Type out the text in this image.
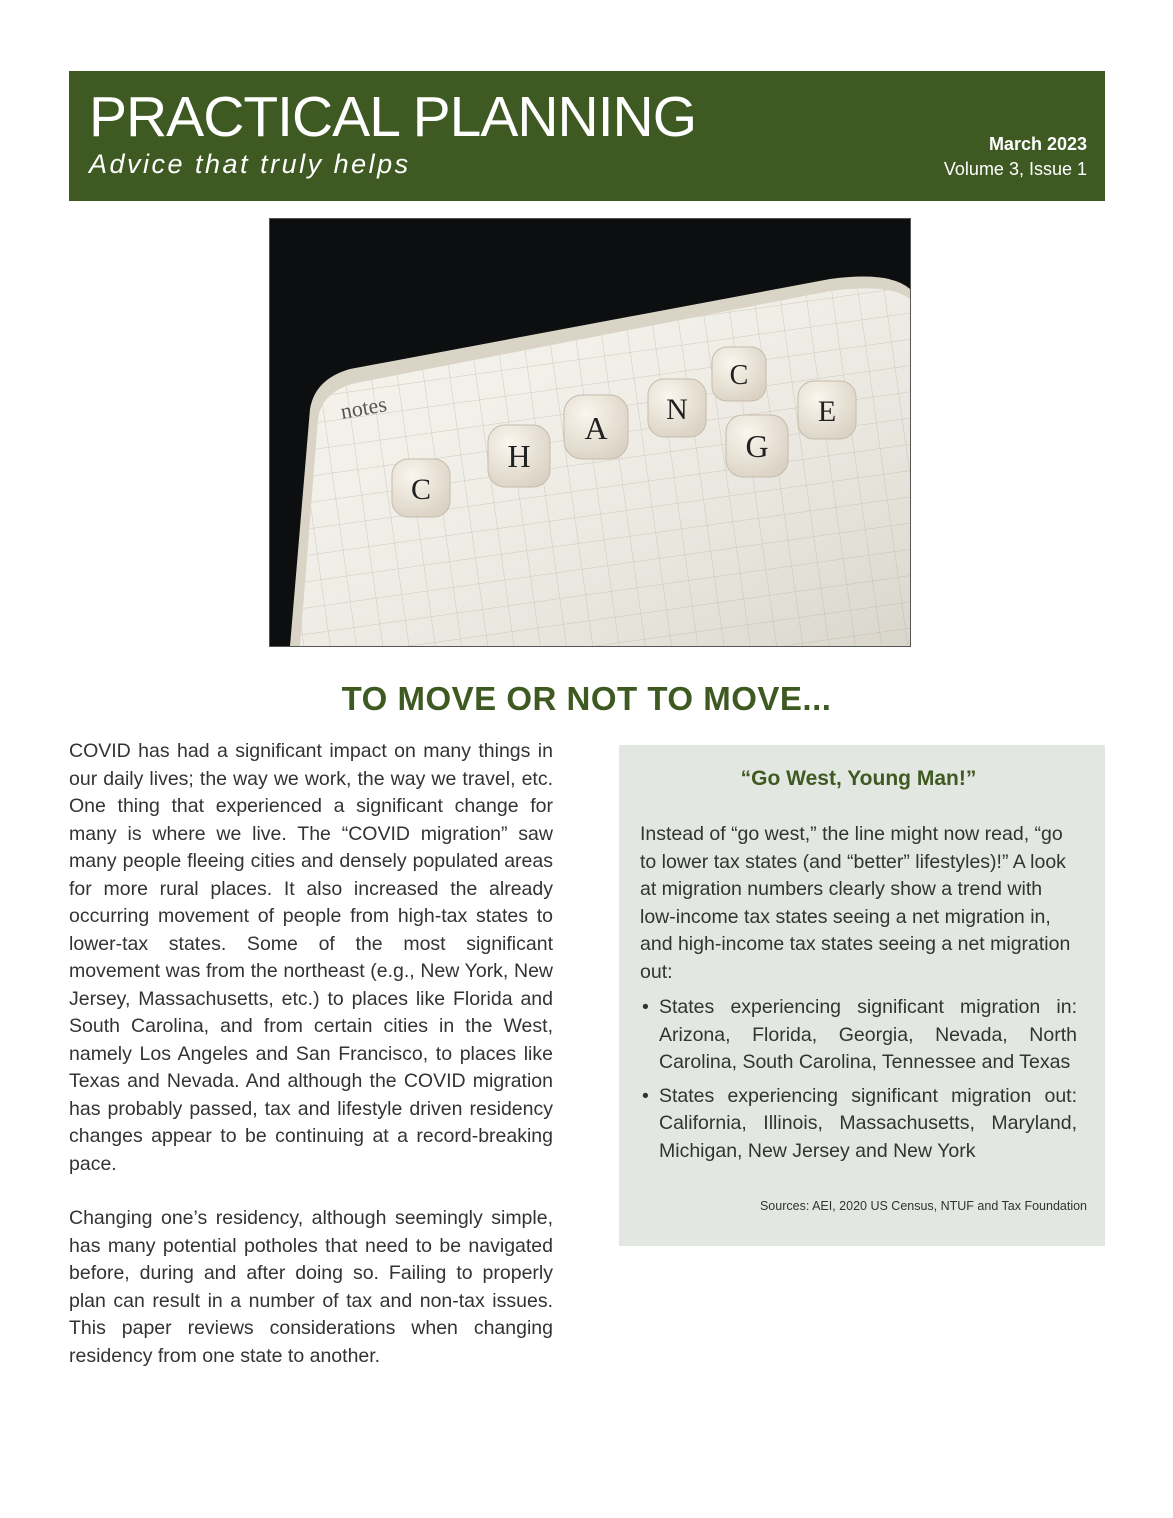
PRACTICAL PLANNING
Advice that truly helps
March 2023
Volume 3, Issue 1
notes
C
H
A
N
C
G
E
TO MOVE OR NOT TO MOVE...

COVID has had a significant impact on many things in our daily lives; the way we work, the way we travel, etc. One thing that experienced a significant change for many is where we live. The “COVID migration” saw many people fleeing cities and densely populated areas for more rural places. It also increased the already occurring movement of people from high-tax states to lower-tax states. Some of the most significant movement was from the northeast (e.g., New York, New Jersey, Massachusetts, etc.) to places like Florida and South Carolina, and from certain cities in the West, namely Los Angeles and San Francisco, to places like Texas and Nevada. And although the COVID migration has probably passed, tax and lifestyle driven residency changes appear to be continuing at a record-breaking pace.

Changing one’s residency, although seemingly simple, has many potential potholes that need to be navigated before, during and after doing so. Failing to properly plan can result in a number of tax and non-tax issues. This paper reviews considerations when changing residency from one state to another.

“Go West, Young Man!”
Instead of “go west,” the line might now read, “go to lower tax states (and “better” lifestyles)!” A look at migration numbers clearly show a trend with low-income tax states seeing a net migration in, and high-income tax states seeing a net migration out:
• States experiencing significant migration in: Arizona, Florida, Georgia, Nevada, North Carolina, South Carolina, Tennessee and Texas
• States experiencing significant migration out: California, Illinois, Massachusetts, Maryland, Michigan, New Jersey and New York
Sources: AEI, 2020 US Census, NTUF and Tax Foundation
